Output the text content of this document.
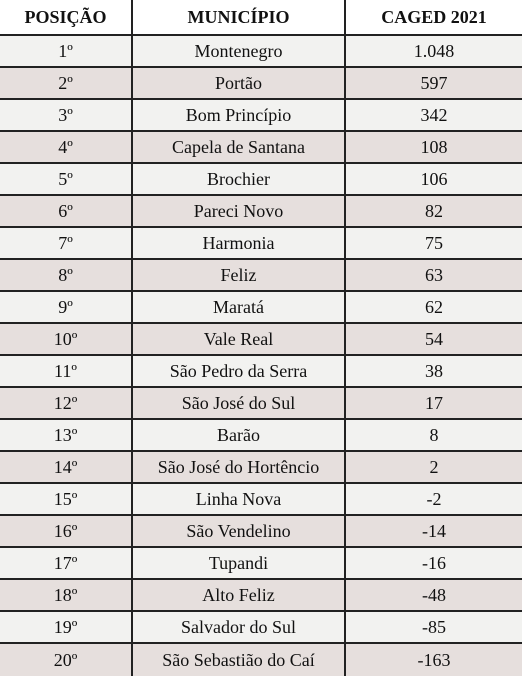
POSIÇÃO	MUNICÍPIO	CAGED 2021
1º	Montenegro	1.048
2º	Portão	597
3º	Bom Princípio	342
4º	Capela de Santana	108
5º	Brochier	106
6º	Pareci Novo	82
7º	Harmonia	75
8º	Feliz	63
9º	Maratá	62
10º	Vale Real	54
11º	São Pedro da Serra	38
12º	São José do Sul	17
13º	Barão	8
14º	São José do Hortêncio	2
15º	Linha Nova	-2
16º	São Vendelino	-14
17º	Tupandi	-16
18º	Alto Feliz	-48
19º	Salvador do Sul	-85
20º	São Sebastião do Caí	-163
